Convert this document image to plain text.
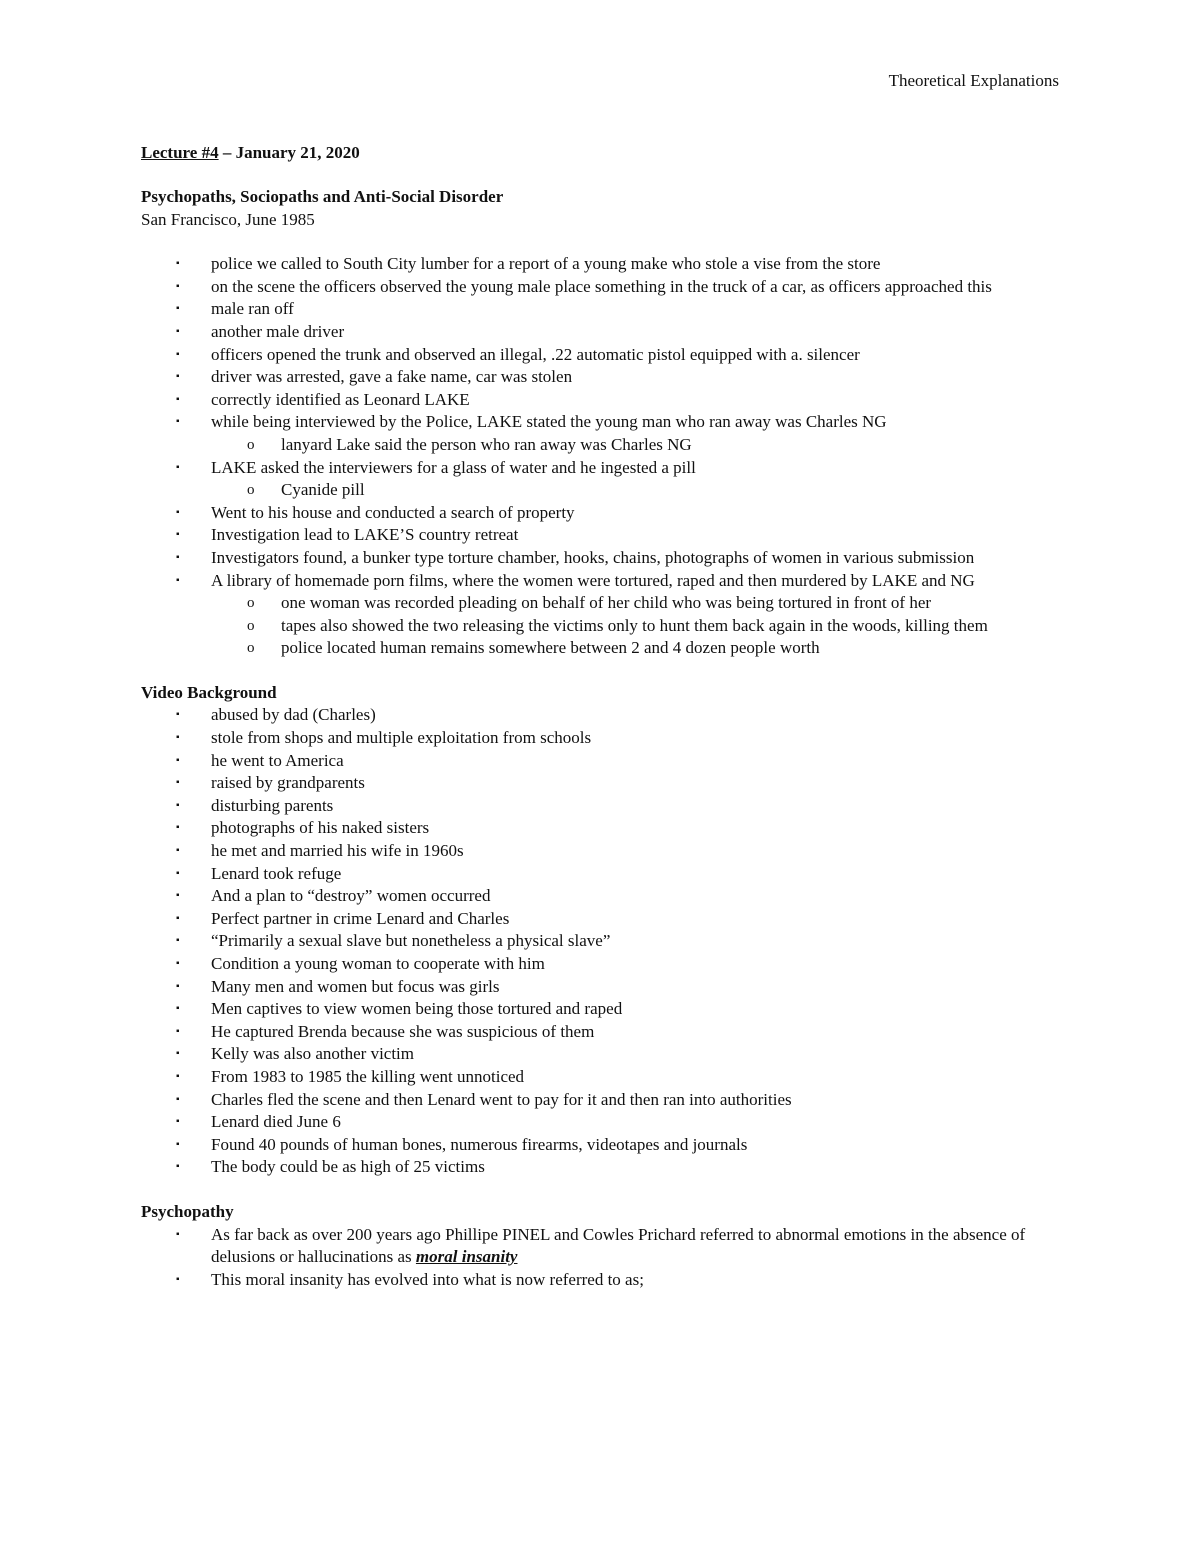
Theoretical Explanations

Lecture #4 – January 21, 2020

Psychopaths, Sociopaths and Anti-Social Disorder

San Francisco, June 1985

▪ police we called to South City lumber for a report of a young make who stole a vise from the store
▪ on the scene the officers observed the young male place something in the truck of a car, as officers approached this
▪ male ran off
▪ another male driver
▪ officers opened the trunk and observed an illegal, .22 automatic pistol equipped with a. silencer
▪ driver was arrested, gave a fake name, car was stolen
▪ correctly identified as Leonard LAKE
▪ while being interviewed by the Police, LAKE stated the young man who ran away was Charles NG
o lanyard Lake said the person who ran away was Charles NG
▪ LAKE asked the interviewers for a glass of water and he ingested a pill
o Cyanide pill
▪ Went to his house and conducted a search of property
▪ Investigation lead to LAKE’S country retreat
▪ Investigators found, a bunker type torture chamber, hooks, chains, photographs of women in various submission
▪ A library of homemade porn films, where the women were tortured, raped and then murdered by LAKE and NG
o one woman was recorded pleading on behalf of her child who was being tortured in front of her
o tapes also showed the two releasing the victims only to hunt them back again in the woods, killing them
o police located human remains somewhere between 2 and 4 dozen people worth

Video Background

▪ abused by dad (Charles)
▪ stole from shops and multiple exploitation from schools
▪ he went to America
▪ raised by grandparents
▪ disturbing parents
▪ photographs of his naked sisters
▪ he met and married his wife in 1960s
▪ Lenard took refuge
▪ And a plan to “destroy” women occurred
▪ Perfect partner in crime Lenard and Charles
▪ “Primarily a sexual slave but nonetheless a physical slave”
▪ Condition a young woman to cooperate with him
▪ Many men and women but focus was girls
▪ Men captives to view women being those tortured and raped
▪ He captured Brenda because she was suspicious of them
▪ Kelly was also another victim
▪ From 1983 to 1985 the killing went unnoticed
▪ Charles fled the scene and then Lenard went to pay for it and then ran into authorities
▪ Lenard died June 6
▪ Found 40 pounds of human bones, numerous firearms, videotapes and journals
▪ The body could be as high of 25 victims

Psychopathy

▪ As far back as over 200 years ago Phillipe PINEL and Cowles Prichard referred to abnormal emotions in the absence of delusions or hallucinations as moral insanity
▪ This moral insanity has evolved into what is now referred to as;
